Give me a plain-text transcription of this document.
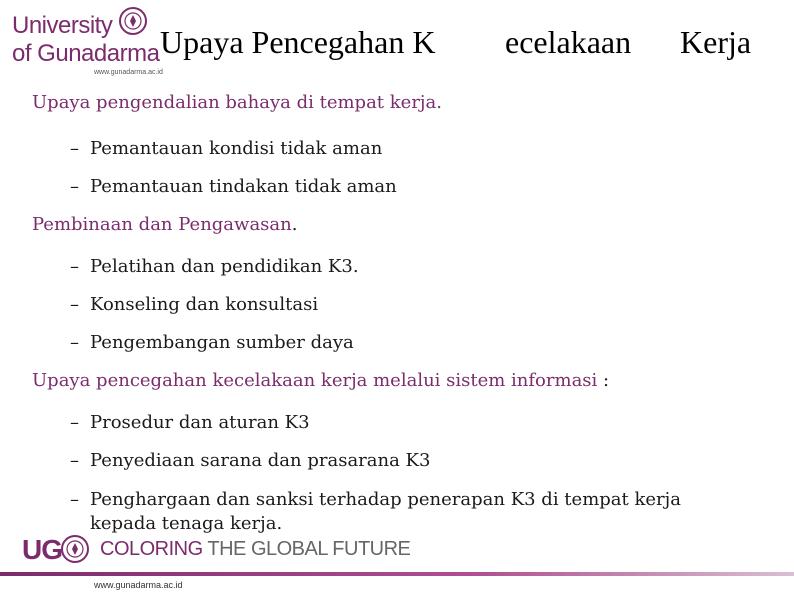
University
of Gunadarma
www.gunadarma.ac.id
Upaya Pencegahan K ecelakaan Kerja
Upaya pengendalian bahaya di tempat kerja.
– Pemantauan kondisi tidak aman
– Pemantauan tindakan tidak aman
Pembinaan dan Pengawasan.
– Pelatihan dan pendidikan K3.
– Konseling dan konsultasi
– Pengembangan sumber daya
Upaya pencegahan kecelakaan kerja melalui sistem informasi :
– Prosedur dan aturan K3
– Penyediaan sarana dan prasarana K3
– Penghargaan dan sanksi terhadap penerapan K3 di tempat kerja kepada tenaga kerja.
UG COLORING THE GLOBAL FUTURE
www.gunadarma.ac.id
